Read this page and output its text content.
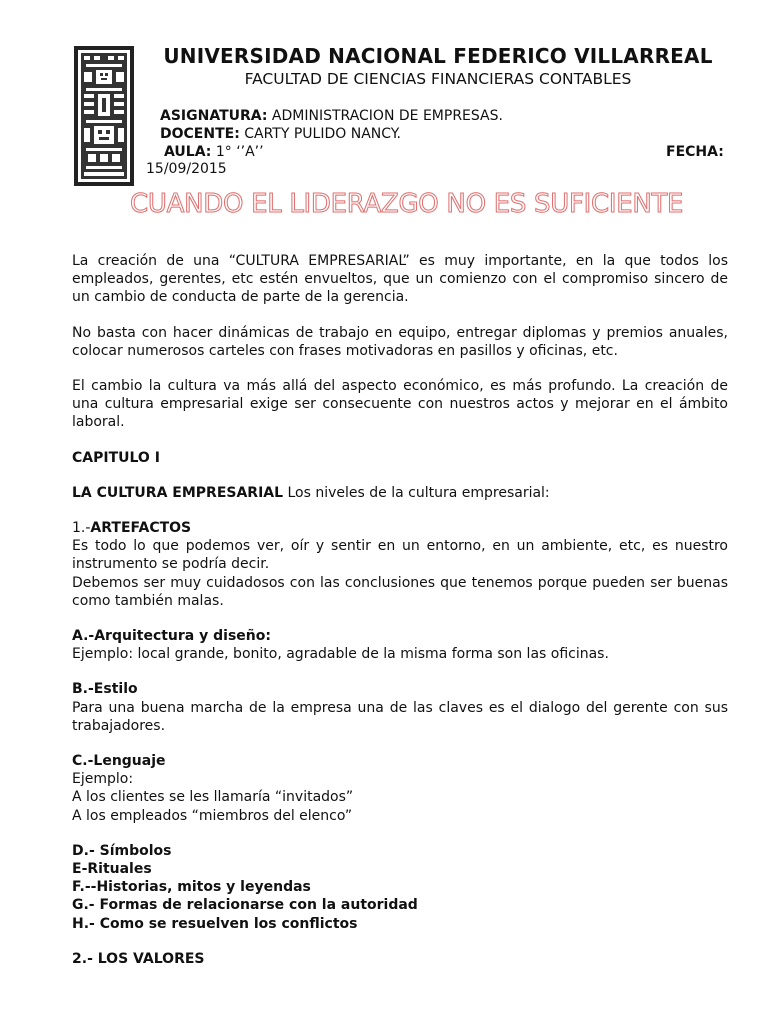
UNIVERSIDAD NACIONAL FEDERICO VILLARREAL
FACULTAD DE CIENCIAS FINANCIERAS CONTABLES
ASIGNATURA: ADMINISTRACION DE EMPRESAS.
DOCENTE: CARTY PULIDO NANCY.
AULA: 1° ‘’A’’	FECHA:
15/09/2015
CUANDO EL LIDERAZGO NO ES SUFICIENTE

La creación de una “CULTURA EMPRESARIAL” es muy importante, en la que todos los empleados, gerentes, etc estén envueltos, que un comienzo con el compromiso sincero de un cambio de conducta de parte de la gerencia.

No basta con hacer dinámicas de trabajo en equipo, entregar diplomas y premios anuales, colocar numerosos carteles con frases motivadoras en pasillos y oficinas, etc.

El cambio la cultura va más allá del aspecto económico, es más profundo. La creación de una cultura empresarial exige ser consecuente con nuestros actos y mejorar en el ámbito laboral.

CAPITULO I

LA CULTURA EMPRESARIAL Los niveles de la cultura empresarial:

1.-ARTEFACTOS

Es todo lo que podemos ver, oír y sentir en un entorno, en un ambiente, etc, es nuestro instrumento se podría decir.

Debemos ser muy cuidadosos con las conclusiones que tenemos porque pueden ser buenas como también malas.

A.-Arquitectura y diseño:

Ejemplo: local grande, bonito, agradable de la misma forma son las oficinas.

B.-Estilo

Para una buena marcha de la empresa una de las claves es el dialogo del gerente con sus trabajadores.

C.-Lenguaje

Ejemplo:

A los clientes se les llamaría “invitados”

A los empleados “miembros del elenco”

D.- Símbolos

E-Rituales

F.--Historias, mitos y leyendas

G.- Formas de relacionarse con la autoridad

H.- Como se resuelven los conflictos

2.- LOS VALORES
